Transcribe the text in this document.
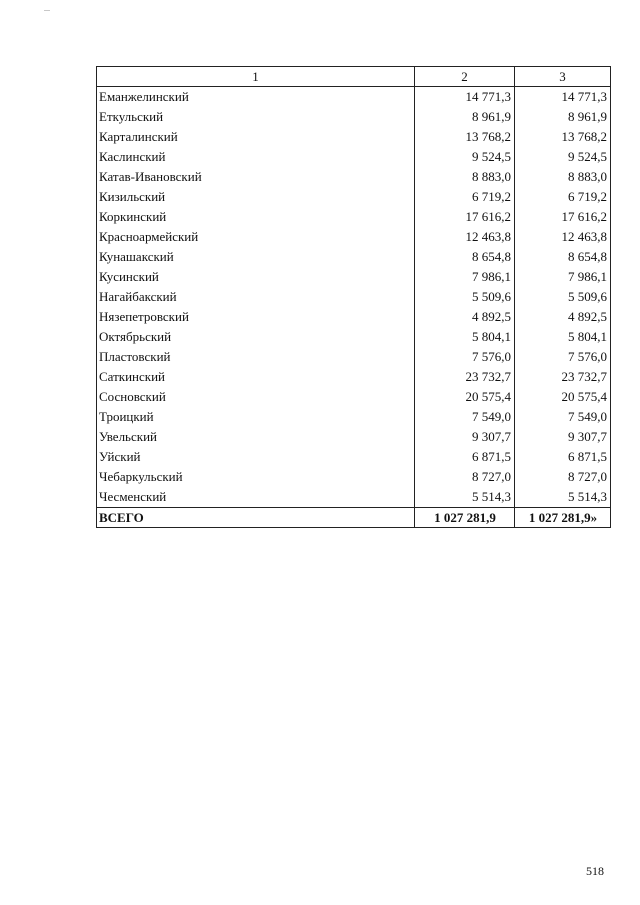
1	2	3
Еманжелинский	14 771,3	14 771,3
Еткульский	8 961,9	8 961,9
Карталинский	13 768,2	13 768,2
Каслинский	9 524,5	9 524,5
Катав-Ивановский	8 883,0	8 883,0
Кизильский	6 719,2	6 719,2
Коркинский	17 616,2	17 616,2
Красноармейский	12 463,8	12 463,8
Кунашакский	8 654,8	8 654,8
Кусинский	7 986,1	7 986,1
Нагайбакский	5 509,6	5 509,6
Нязепетровский	4 892,5	4 892,5
Октябрьский	5 804,1	5 804,1
Пластовский	7 576,0	7 576,0
Саткинский	23 732,7	23 732,7
Сосновский	20 575,4	20 575,4
Троицкий	7 549,0	7 549,0
Увельский	9 307,7	9 307,7
Уйский	6 871,5	6 871,5
Чебаркульский	8 727,0	8 727,0
Чесменский	5 514,3	5 514,3
ВСЕГО	1 027 281,9	1 027 281,9»
518
